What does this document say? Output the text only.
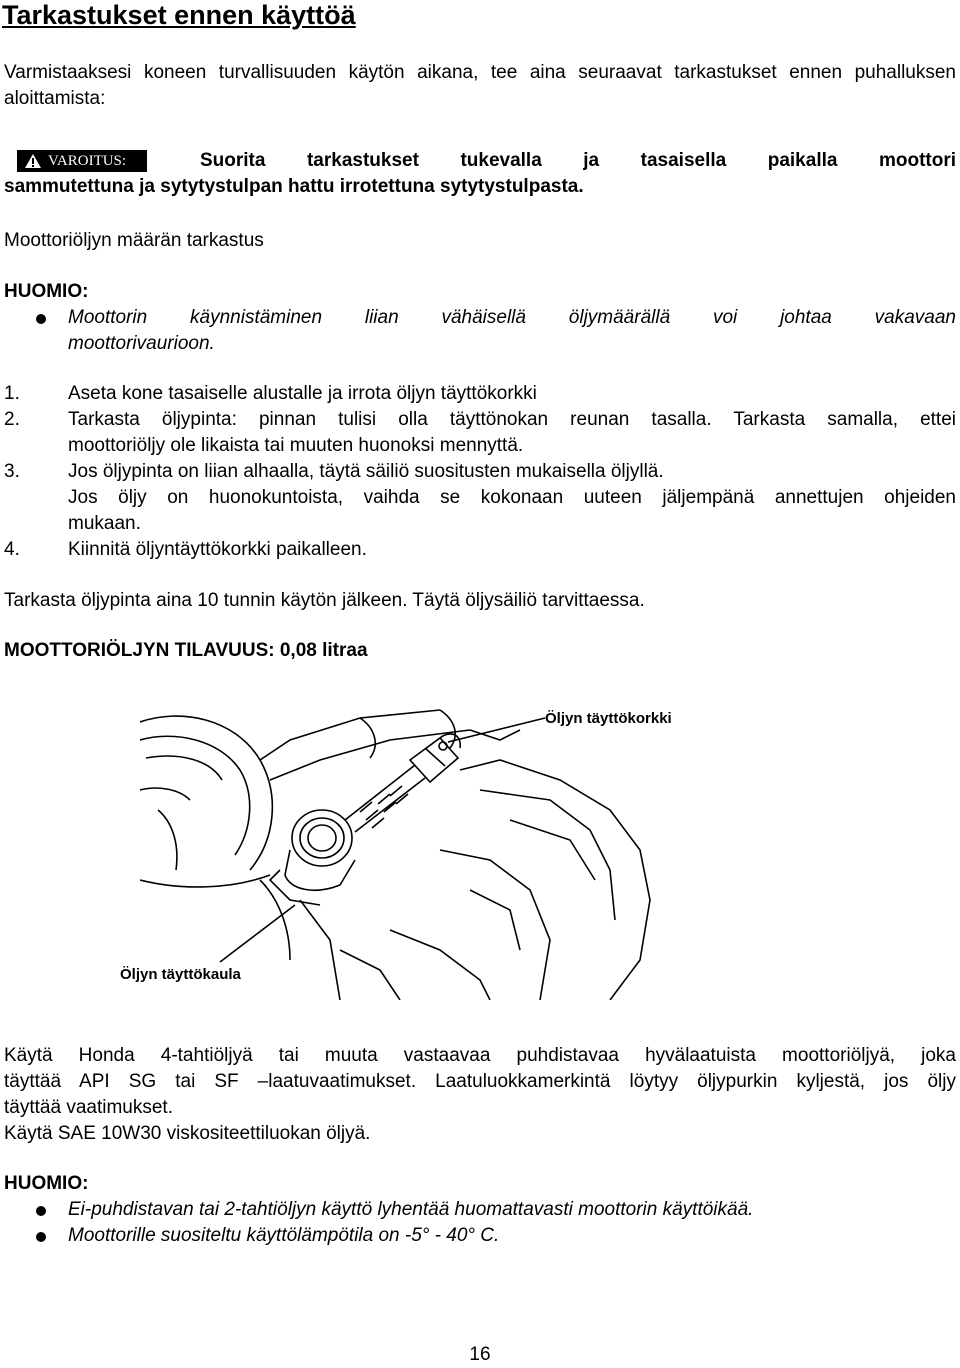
Tarkastukset ennen käyttöä
Varmistaaksesi koneen turvallisuuden käytön aikana, tee aina seuraavat tarkastukset ennen puhalluksen aloittamista:
VAROITUS:	Suorita tarkastukset tukevalla ja tasaisella paikalla moottori
sammutettuna ja sytytystulpan hattu irrotettuna sytytystulpasta.
Moottoriöljyn määrän tarkastus
HUOMIO:
Moottorin käynnistäminen liian vähäisellä öljymäärällä voi johtaa vakavaan
moottorivaurioon.
1.	Aseta kone tasaiselle alustalle ja irrota öljyn täyttökorkki
2.	Tarkasta öljypinta: pinnan tulisi olla täyttönokan reunan tasalla. Tarkasta samalla, ettei
moottoriöljy ole likaista tai muuten huonoksi mennyttä.
3.	Jos öljypinta on liian alhaalla, täytä säiliö suositusten mukaisella öljyllä.
Jos öljy on huonokuntoista, vaihda se kokonaan uuteen jäljempänä annettujen ohjeiden
mukaan.
4.	Kiinnitä öljyntäyttökorkki paikalleen.
Tarkasta öljypinta aina 10 tunnin käytön jälkeen. Täytä öljysäiliö tarvittaessa.
MOOTTORIÖLJYN TILAVUUS: 0,08 litraa
Öljyn täyttökorkki
Öljyn täyttökaula
Käytä Honda 4-tahtiöljyä tai muuta vastaavaa puhdistavaa hyvälaatuista moottoriöljyä, joka
täyttää API SG tai SF –laatuvaatimukset. Laatuluokkamerkintä löytyy öljypurkin kyljestä, jos öljy
täyttää vaatimukset.
Käytä SAE 10W30 viskositeettiluokan öljyä.
HUOMIO:
Ei-puhdistavan tai 2-tahtiöljyn käyttö lyhentää huomattavasti moottorin käyttöikää.
Moottorille suositeltu käyttölämpötila on -5° - 40° C.
16
